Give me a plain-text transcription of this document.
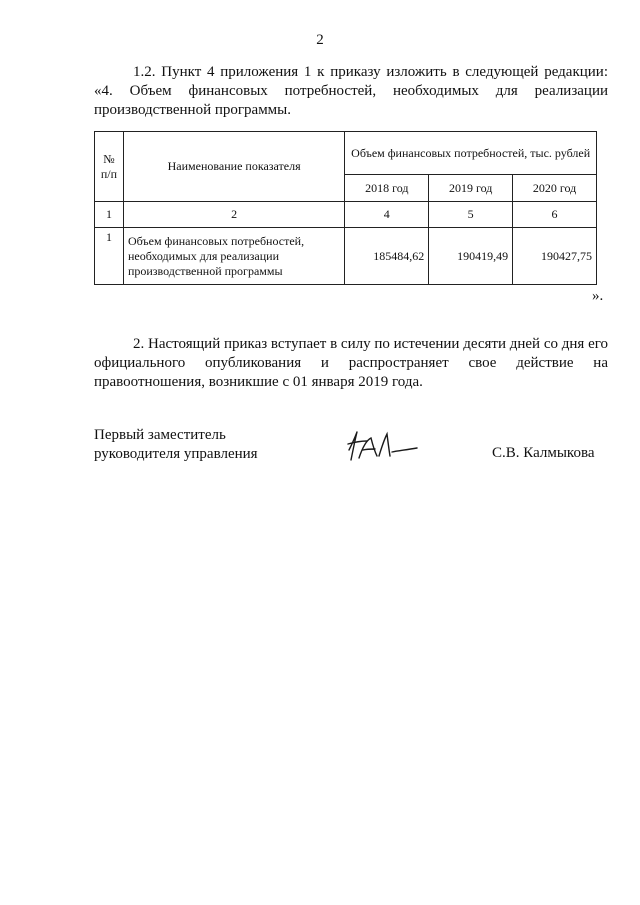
2
1.2. Пункт 4 приложения 1 к приказу изложить в следующей редакции:
«4. Объем финансовых потребностей, необходимых для реализации
производственной программы.
№ п/п	Наименование показателя	Объем финансовых потребностей, тыс. рублей		
		2018 год	2019 год	2020 год
1	2	4	5	6
1	Объем финансовых потребностей, необходимых для реализации производственной программы	185484,62	190419,49	190427,75
».
2. Настоящий приказ вступает в силу по истечении десяти дней со дня его
официального опубликования и распространяет свое действие на
правоотношения, возникшие с 01 января 2019 года.
Первый заместитель
руководителя управления	С.В. Калмыкова
